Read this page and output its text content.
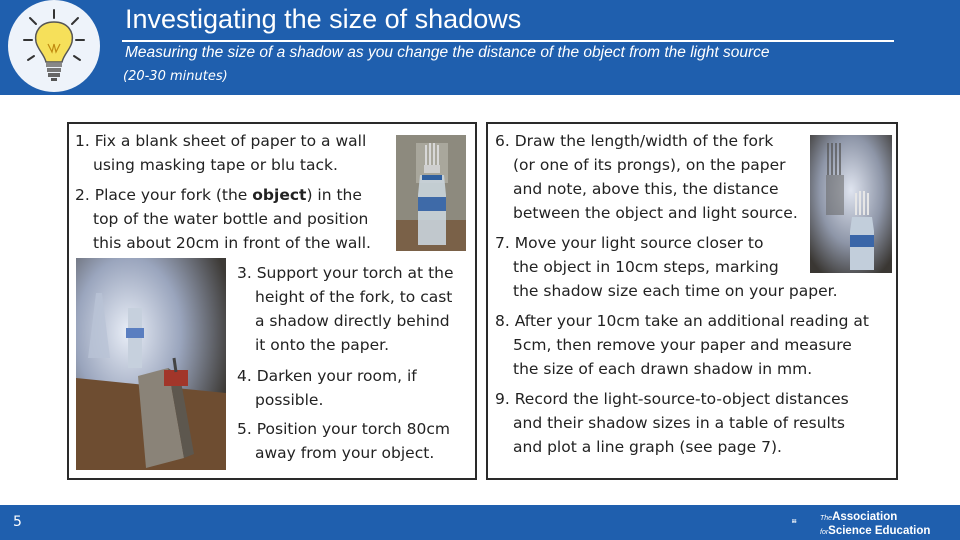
Investigating the size of shadows
Measuring the size of a shadow as you change the distance of the object from the light source
(20-30 minutes)

1. Fix a blank sheet of paper to a wall

using masking tape or blu tack.

2. Place your fork (the object) in the

top of the water bottle and position

this about 20cm in front of the wall.

3. Support your torch at the

height of the fork, to cast

a shadow directly behind

it onto the paper.

4. Darken your room, if

possible.

5. Position your torch 80cm

away from your object.

6. Draw the length/width of the fork

(or one of its prongs), on the paper

and note, above this, the distance

between the object and light source.

7. Move your light source closer to

the object in 10cm steps, marking

the shadow size each time on your paper.

8. After your 10cm take an additional reading at

5cm, then remove your paper and measure

the size of each drawn shadow in mm.

9. Record the light-source-to-object distances

and their shadow sizes in a table of results

and plot a line graph (see page 7).

5	TheAssociation
forScience Education
